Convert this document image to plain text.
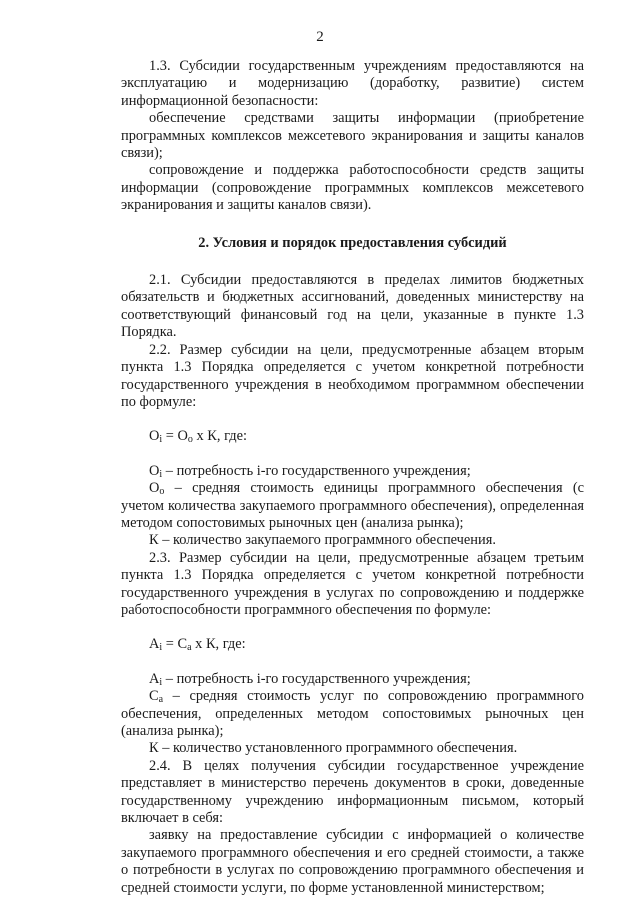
2

1.3. Субсидии государственным учреждениям предоставляются на эксплуатацию и модернизацию (доработку, развитие) систем информационной безопасности:

обеспечение средствами защиты информации (приобретение программных комплексов межсетевого экранирования и защиты каналов связи);

сопровождение и поддержка работоспособности средств защиты информации (сопровождение программных комплексов межсетевого экранирования и защиты каналов связи).

2. Условия и порядок предоставления субсидий

2.1. Субсидии предоставляются в пределах лимитов бюджетных обязательств и бюджетных ассигнований, доведенных министерству на соответствующий финансовый год на цели, указанные в пункте 1.3 Порядка.

2.2. Размер субсидии на цели, предусмотренные абзацем вторым пункта 1.3 Порядка определяется с учетом конкретной потребности государственного учреждения в необходимом программном обеспечении по формуле:

$O_i = O_o$ x К, где:

$O_i$ – потребность i-го государственного учреждения;

$O_o$ – средняя стоимость единицы программного обеспечения (с учетом количества закупаемого программного обеспечения), определенная методом сопостовимых рыночных цен (анализа рынка);

К – количество закупаемого программного обеспечения.

2.3. Размер субсидии на цели, предусмотренные абзацем третьим пункта 1.3 Порядка определяется с учетом конкретной потребности государственного учреждения в услугах по сопровождению и поддержке работоспособности программного обеспечения по формуле:

$A_i = C_a$ x К, где:

$A_i$ – потребность i-го государственного учреждения;

$C_a$ – средняя стоимость услуг по сопровождению программного обеспечения, определенных методом сопостовимых рыночных цен (анализа рынка);

К – количество установленного программного обеспечения.

2.4. В целях получения субсидии государственное учреждение представляет в министерство перечень документов в сроки, доведенные государственному учреждению информационным письмом, который включает в себя:

заявку на предоставление субсидии с информацией о количестве закупаемого программного обеспечения и его средней стоимости, а также о потребности в услугах по сопровождению программного обеспечения и средней стоимости услуги, по форме установленной министерством;
